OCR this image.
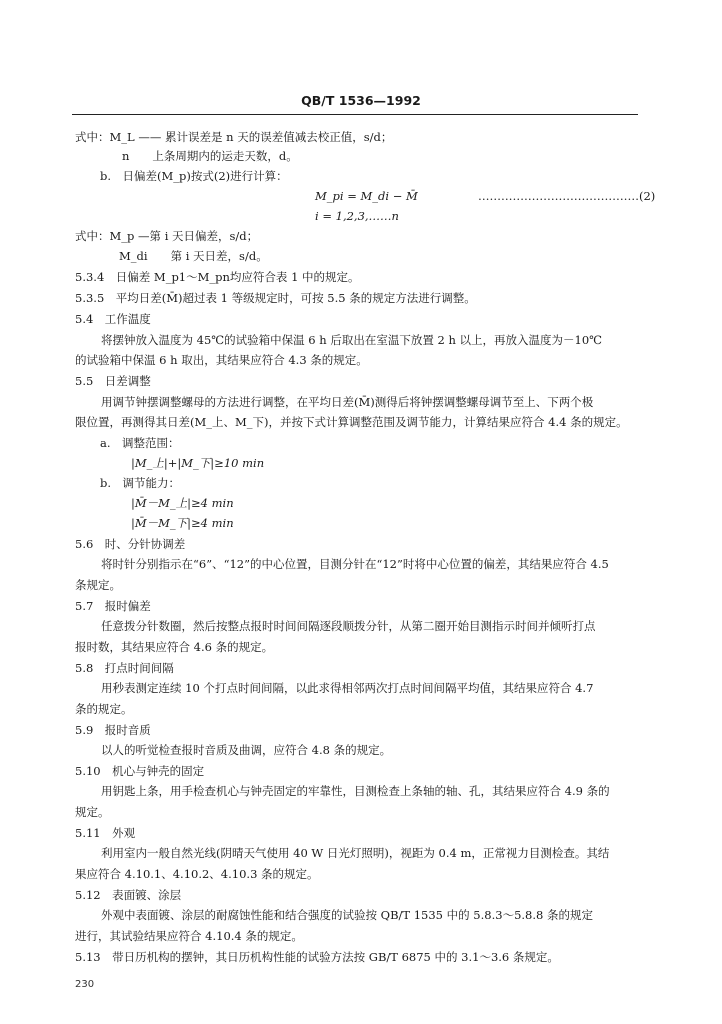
QB/T 1536—1992
式中：M_L —— 累计误差是 n 天的误差值减去校正值，s/d；
n　　上条周期内的运走天数，d。
b.　日偏差(M_p)按式(2)进行计算：
M_pi = M_di − M̄	……………………………………(2)
i = 1,2,3,……n
式中：M_p —第 i 天日偏差，s/d；
M_di　　第 i 天日差，s/d。
5.3.4　日偏差 M_p1～M_pn均应符合表 1 中的规定。
5.3.5　平均日差(M̄)超过表 1 等级规定时，可按 5.5 条的规定方法进行调整。
5.4　工作温度
将摆钟放入温度为 45℃的试验箱中保温 6 h 后取出在室温下放置 2 h 以上，再放入温度为－10℃
的试验箱中保温 6 h 取出，其结果应符合 4.3 条的规定。
5.5　日差调整
用调节钟摆调整螺母的方法进行调整，在平均日差(M̄)测得后将钟摆调整螺母调节至上、下两个极
限位置，再测得其日差(M_上、M_下)，并按下式计算调整范围及调节能力，计算结果应符合 4.4 条的规定。
a.　调整范围：
|M_上|+|M_下|≥10 min
b.　调节能力：
|M̄－M_上|≥4 min
|M̄－M_下|≥4 min
5.6　时、分针协调差
将时针分别指示在“6”、“12”的中心位置，目测分针在“12”时将中心位置的偏差，其结果应符合 4.5
条规定。
5.7　报时偏差
任意拨分针数圈，然后按整点报时时间间隔逐段顺拨分针，从第二圈开始目测指示时间并倾听打点
报时数，其结果应符合 4.6 条的规定。
5.8　打点时间间隔
用秒表测定连续 10 个打点时间间隔，以此求得相邻两次打点时间间隔平均值，其结果应符合 4.7
条的规定。
5.9　报时音质
以人的听觉检查报时音质及曲调，应符合 4.8 条的规定。
5.10　机心与钟壳的固定
用钥匙上条，用手检查机心与钟壳固定的牢靠性，目测检查上条轴的轴、孔，其结果应符合 4.9 条的
规定。
5.11　外观
利用室内一般自然光线(阴晴天气使用 40 W 日光灯照明)，视距为 0.4 m，正常视力目测检查。其结
果应符合 4.10.1、4.10.2、4.10.3 条的规定。
5.12　表面镀、涂层
外观中表面镀、涂层的耐腐蚀性能和结合强度的试验按 QB/T 1535 中的 5.8.3～5.8.8 条的规定
进行，其试验结果应符合 4.10.4 条的规定。
5.13　带日历机构的摆钟，其日历机构性能的试验方法按 GB/T 6875 中的 3.1～3.6 条规定。
230
